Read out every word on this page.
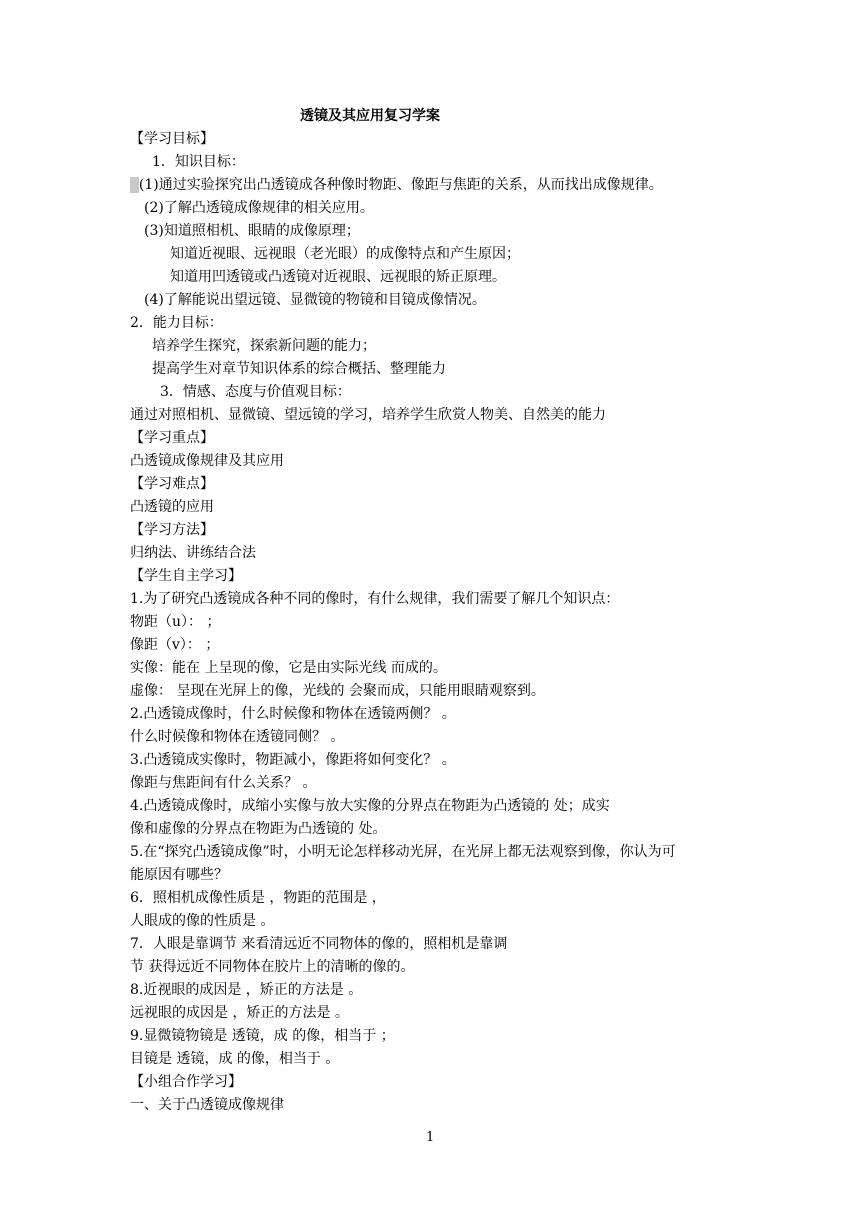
透镜及其应用复习学案
【学习目标】
1．知识目标：
(1)通过实验探究出凸透镜成各种像时物距、像距与焦距的关系，从而找出成像规律。
(2)了解凸透镜成像规律的相关应用。
(3)知道照相机、眼睛的成像原理；
知道近视眼、远视眼（老光眼）的成像特点和产生原因；
知道用凹透镜或凸透镜对近视眼、远视眼的矫正原理。
(4)了解能说出望远镜、显微镜的物镜和目镜成像情况。
2．能力目标：
培养学生探究，探索新问题的能力；
提高学生对章节知识体系的综合概括、整理能力
3．情感、态度与价值观目标：
通过对照相机、显微镜、望远镜的学习，培养学生欣赏人物美、自然美的能力
【学习重点】
凸透镜成像规律及其应用
【学习难点】
凸透镜的应用
【学习方法】
归纳法、讲练结合法
【学生自主学习】
1.为了研究凸透镜成各种不同的像时，有什么规律，我们需要了解几个知识点：
物距（u）： ；
像距（v）： ；
实像：能在 上呈现的像，它是由实际光线 而成的。
虚像： 呈现在光屏上的像，光线的 会聚而成，只能用眼睛观察到。
2.凸透镜成像时，什么时候像和物体在透镜两侧？ 。
什么时候像和物体在透镜同侧？ 。
3.凸透镜成实像时，物距减小，像距将如何变化？ 。
像距与焦距间有什么关系？ 。
4.凸透镜成像时，成缩小实像与放大实像的分界点在物距为凸透镜的 处；成实
像和虚像的分界点在物距为凸透镜的 处。
5.在“探究凸透镜成像”时，小明无论怎样移动光屏，在光屏上都无法观察到像，你认为可
能原因有哪些？
6．照相机成像性质是 ，物距的范围是 ，
人眼成的像的性质是 。
7．人眼是靠调节 来看清远近不同物体的像的，照相机是靠调
节 获得远近不同物体在胶片上的清晰的像的。
8.近视眼的成因是 ，矫正的方法是 。
远视眼的成因是 ，矫正的方法是 。
9.显微镜物镜是 透镜，成 的像，相当于 ；
目镜是 透镜，成 的像，相当于 。
【小组合作学习】
一、关于凸透镜成像规律
1
